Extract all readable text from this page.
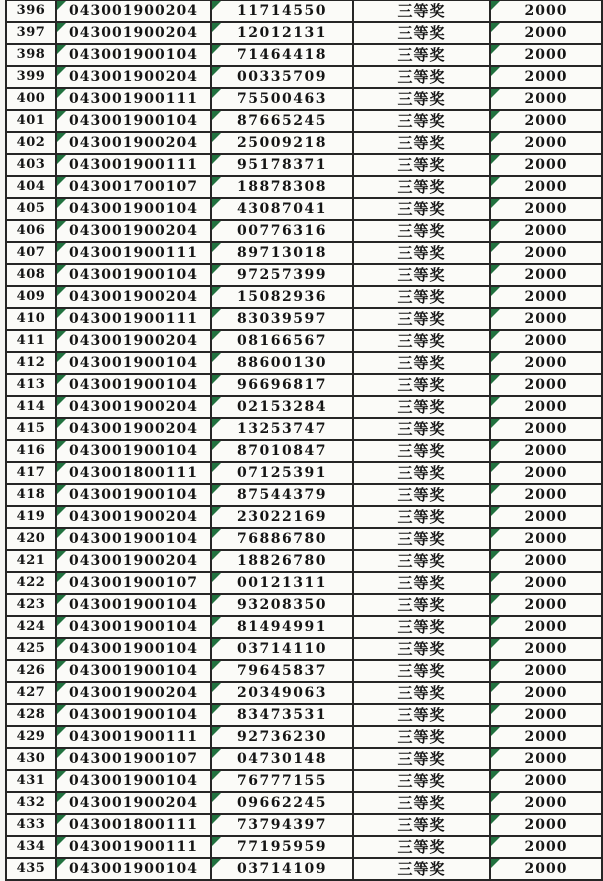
396	043001900204	11714550	三等奖	2000
397	043001900204	12012131	三等奖	2000
398	043001900104	71464418	三等奖	2000
399	043001900204	00335709	三等奖	2000
400	043001900111	75500463	三等奖	2000
401	043001900104	87665245	三等奖	2000
402	043001900204	25009218	三等奖	2000
403	043001900111	95178371	三等奖	2000
404	043001700107	18878308	三等奖	2000
405	043001900104	43087041	三等奖	2000
406	043001900204	00776316	三等奖	2000
407	043001900111	89713018	三等奖	2000
408	043001900104	97257399	三等奖	2000
409	043001900204	15082936	三等奖	2000
410	043001900111	83039597	三等奖	2000
411	043001900204	08166567	三等奖	2000
412	043001900104	88600130	三等奖	2000
413	043001900104	96696817	三等奖	2000
414	043001900204	02153284	三等奖	2000
415	043001900204	13253747	三等奖	2000
416	043001900104	87010847	三等奖	2000
417	043001800111	07125391	三等奖	2000
418	043001900104	87544379	三等奖	2000
419	043001900204	23022169	三等奖	2000
420	043001900104	76886780	三等奖	2000
421	043001900204	18826780	三等奖	2000
422	043001900107	00121311	三等奖	2000
423	043001900104	93208350	三等奖	2000
424	043001900104	81494991	三等奖	2000
425	043001900104	03714110	三等奖	2000
426	043001900104	79645837	三等奖	2000
427	043001900204	20349063	三等奖	2000
428	043001900104	83473531	三等奖	2000
429	043001900111	92736230	三等奖	2000
430	043001900107	04730148	三等奖	2000
431	043001900104	76777155	三等奖	2000
432	043001900204	09662245	三等奖	2000
433	043001800111	73794397	三等奖	2000
434	043001900111	77195959	三等奖	2000
435	043001900104	03714109	三等奖	2000
